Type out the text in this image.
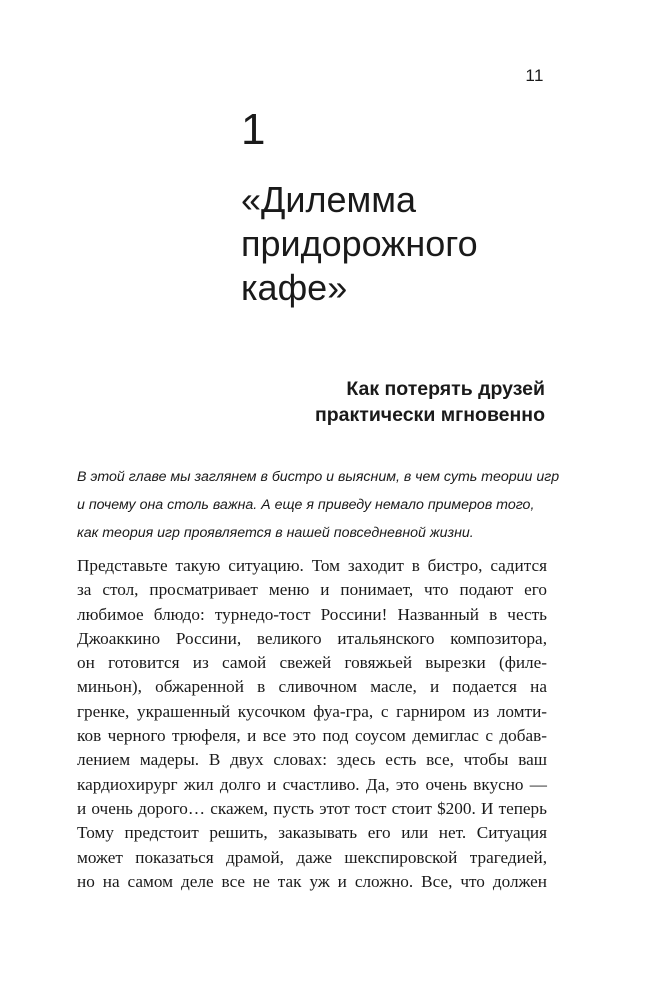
11
1
«Дилемма
придорожного
кафе»
Как потерять друзей
практически мгновенно
В этой главе мы заглянем в бистро и выясним, в чем суть теории игр
и почему она столь важна. А еще я приведу немало примеров того,
как теория игр проявляется в нашей повседневной жизни.
Представьте такую ситуацию. Том заходит в бистро, садится
за стол, просматривает меню и понимает, что подают его
любимое блюдо: турнедо-тост Россини! Названный в честь
Джоаккино Россини, великого итальянского композитора,
он готовится из самой свежей говяжьей вырезки (филе-
миньон), обжаренной в сливочном масле, и подается на
гренке, украшенный кусочком фуа-гра, с гарниром из ломти-
ков черного трюфеля, и все это под соусом демиглас с добав-
лением мадеры. В двух словах: здесь есть все, чтобы ваш
кардиохирург жил долго и счастливо. Да, это очень вкусно —
и очень дорого… скажем, пусть этот тост стоит $200. И теперь
Тому предстоит решить, заказывать его или нет. Ситуация
может показаться драмой, даже шекспировской трагедией,
но на самом деле все не так уж и сложно. Все, что должен
